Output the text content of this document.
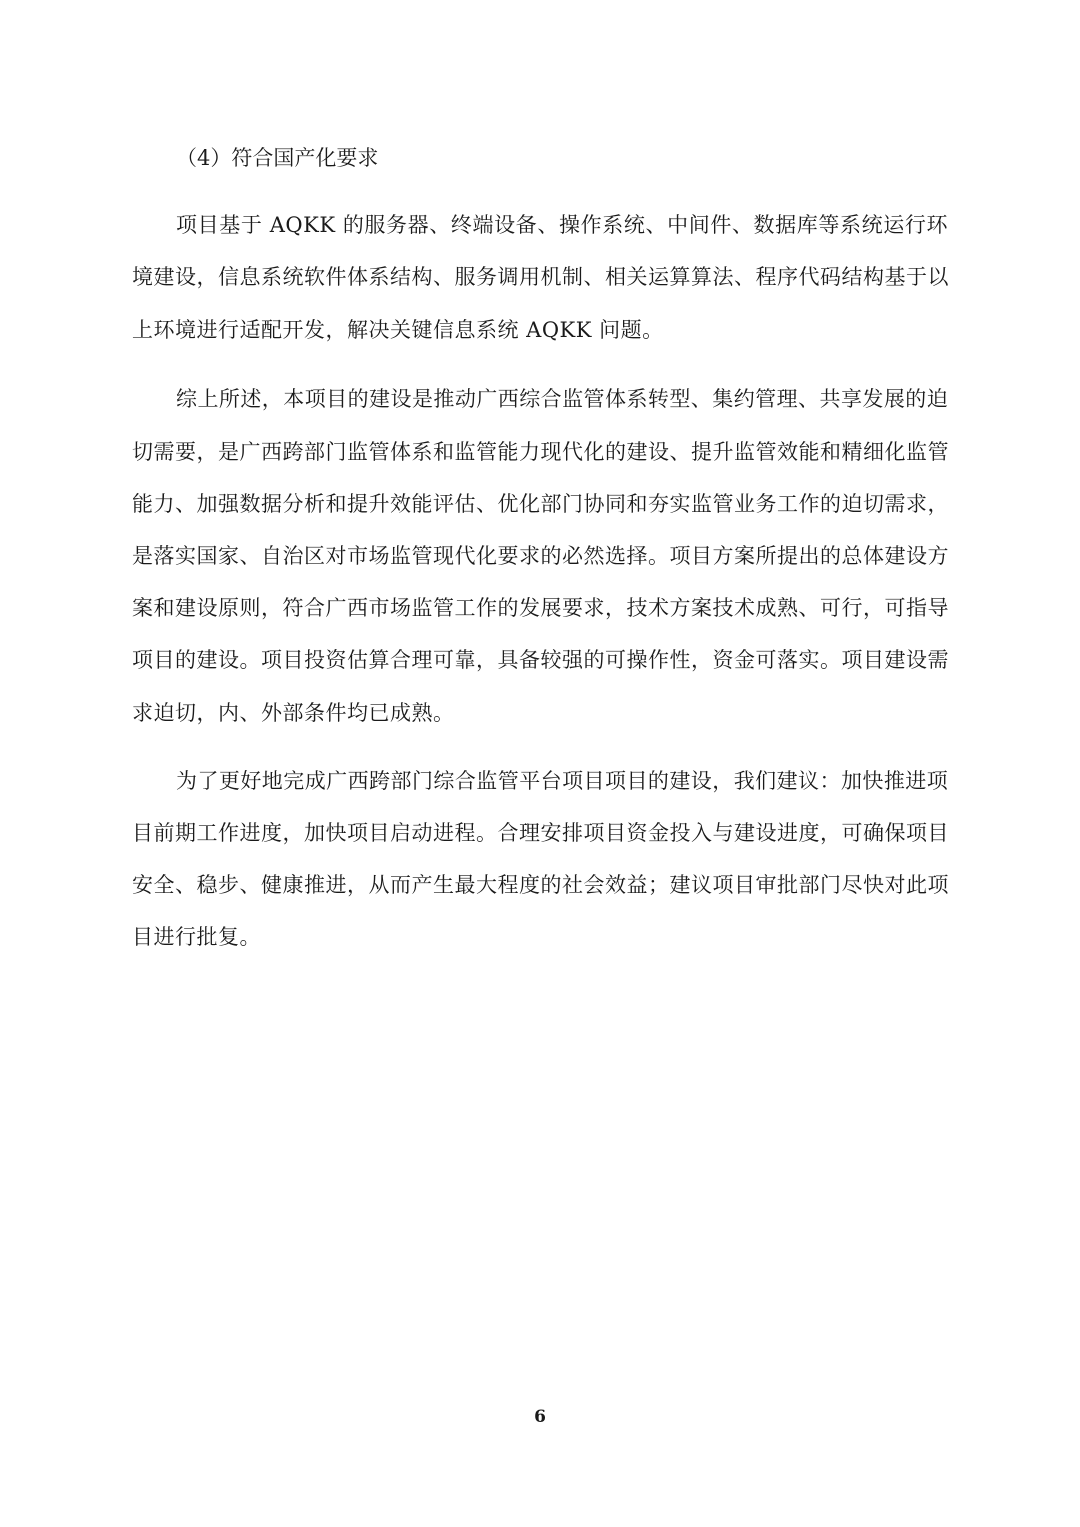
（4）符合国产化要求
项目基于 AQKK 的服务器、终端设备、操作系统、中间件、数据库等系统运行环
境建设，信息系统软件体系结构、服务调用机制、相关运算算法、程序代码结构基于以
上环境进行适配开发，解决关键信息系统 AQKK 问题。
综上所述，本项目的建设是推动广西综合监管体系转型、集约管理、共享发展的迫
切需要，是广西跨部门监管体系和监管能力现代化的建设、提升监管效能和精细化监管
能力、加强数据分析和提升效能评估、优化部门协同和夯实监管业务工作的迫切需求，
是落实国家、自治区对市场监管现代化要求的必然选择。项目方案所提出的总体建设方
案和建设原则，符合广西市场监管工作的发展要求，技术方案技术成熟、可行，可指导
项目的建设。项目投资估算合理可靠，具备较强的可操作性，资金可落实。项目建设需
求迫切，内、外部条件均已成熟。
为了更好地完成广西跨部门综合监管平台项目项目的建设，我们建议：加快推进项
目前期工作进度，加快项目启动进程。合理安排项目资金投入与建设进度，可确保项目
安全、稳步、健康推进，从而产生最大程度的社会效益；建议项目审批部门尽快对此项
目进行批复。
6
